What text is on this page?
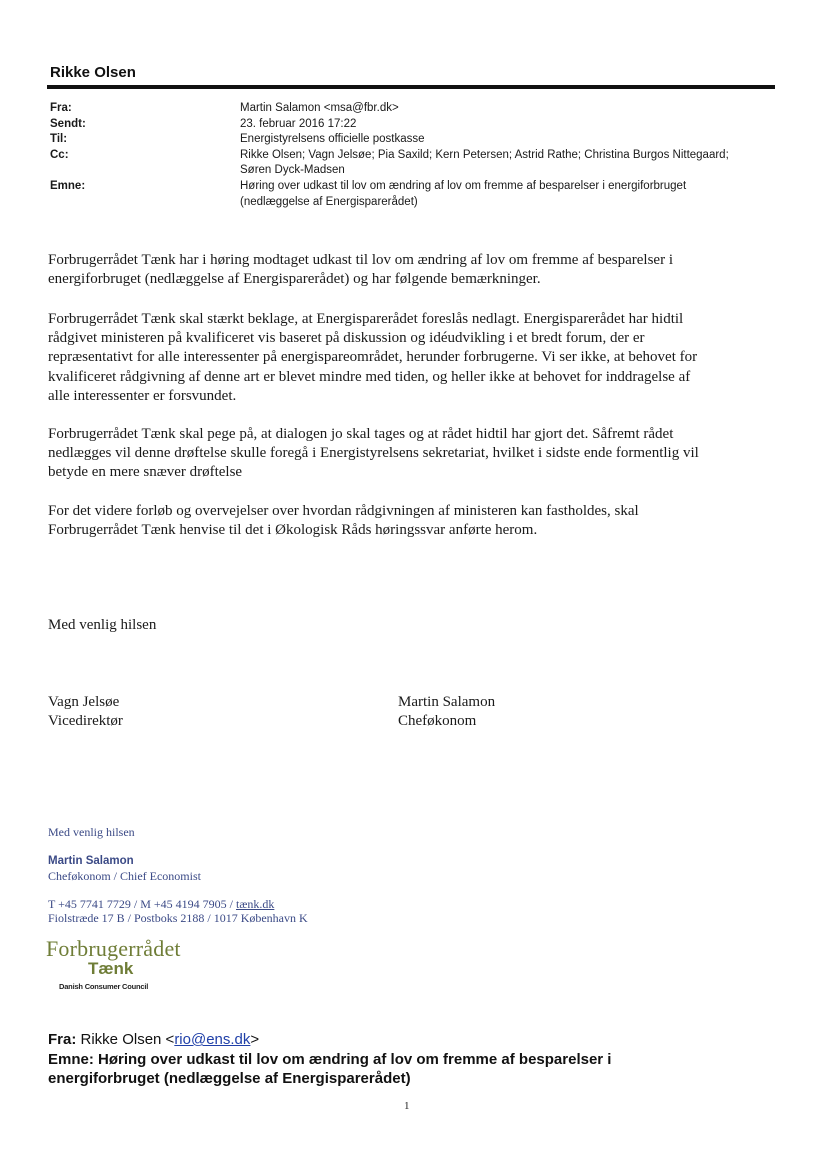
Rikke Olsen
Fra:	Martin Salamon <msa@fbr.dk>
Sendt:	23. februar 2016 17:22
Til:	Energistyrelsens officielle postkasse
Cc:	Rikke Olsen; Vagn Jelsøe; Pia Saxild; Kern Petersen; Astrid Rathe; Christina Burgos Nittegaard;
Søren Dyck-Madsen
Emne:	Høring over udkast til lov om ændring af lov om fremme af besparelser i energiforbruget
(nedlæggelse af Energisparerådet)
Forbrugerrådet Tænk har i høring modtaget udkast til lov om ændring af lov om fremme af besparelser i
energiforbruget (nedlæggelse af Energisparerådet) og har følgende bemærkninger.
Forbrugerrådet Tænk skal stærkt beklage, at Energisparerådet foreslås nedlagt. Energisparerådet har hidtil
rådgivet ministeren på kvalificeret vis baseret på diskussion og idéudvikling i et bredt forum, der er
repræsentativt for alle interessenter på energispareområdet, herunder forbrugerne. Vi ser ikke, at behovet for
kvalificeret rådgivning af denne art er blevet mindre med tiden, og heller ikke at behovet for inddragelse af
alle interessenter er forsvundet.
Forbrugerrådet Tænk skal pege på, at dialogen jo skal tages og at rådet hidtil har gjort det. Såfremt rådet
nedlægges vil denne drøftelse skulle foregå i Energistyrelsens sekretariat, hvilket i sidste ende formentlig vil
betyde en mere snæver drøftelse
For det videre forløb og overvejelser over hvordan rådgivningen af ministeren kan fastholdes, skal
Forbrugerrådet Tænk henvise til det i Økologisk Råds høringssvar anførte herom.
Med venlig hilsen
Vagn Jelsøe
Vicedirektør
Martin Salamon
Cheføkonom
Med venlig hilsen
Martin Salamon
Cheføkonom / Chief Economist
T +45 7741 7729 / M +45 4194 7905 / tænk.dk
Fiolstræde 17 B / Postboks 2188 / 1017 København K
Forbrugerrådet
Tænk
Danish Consumer Council
Fra: Rikke Olsen <rio@ens.dk>
Emne: Høring over udkast til lov om ændring af lov om fremme af besparelser i
energiforbruget (nedlæggelse af Energisparerådet)
1
